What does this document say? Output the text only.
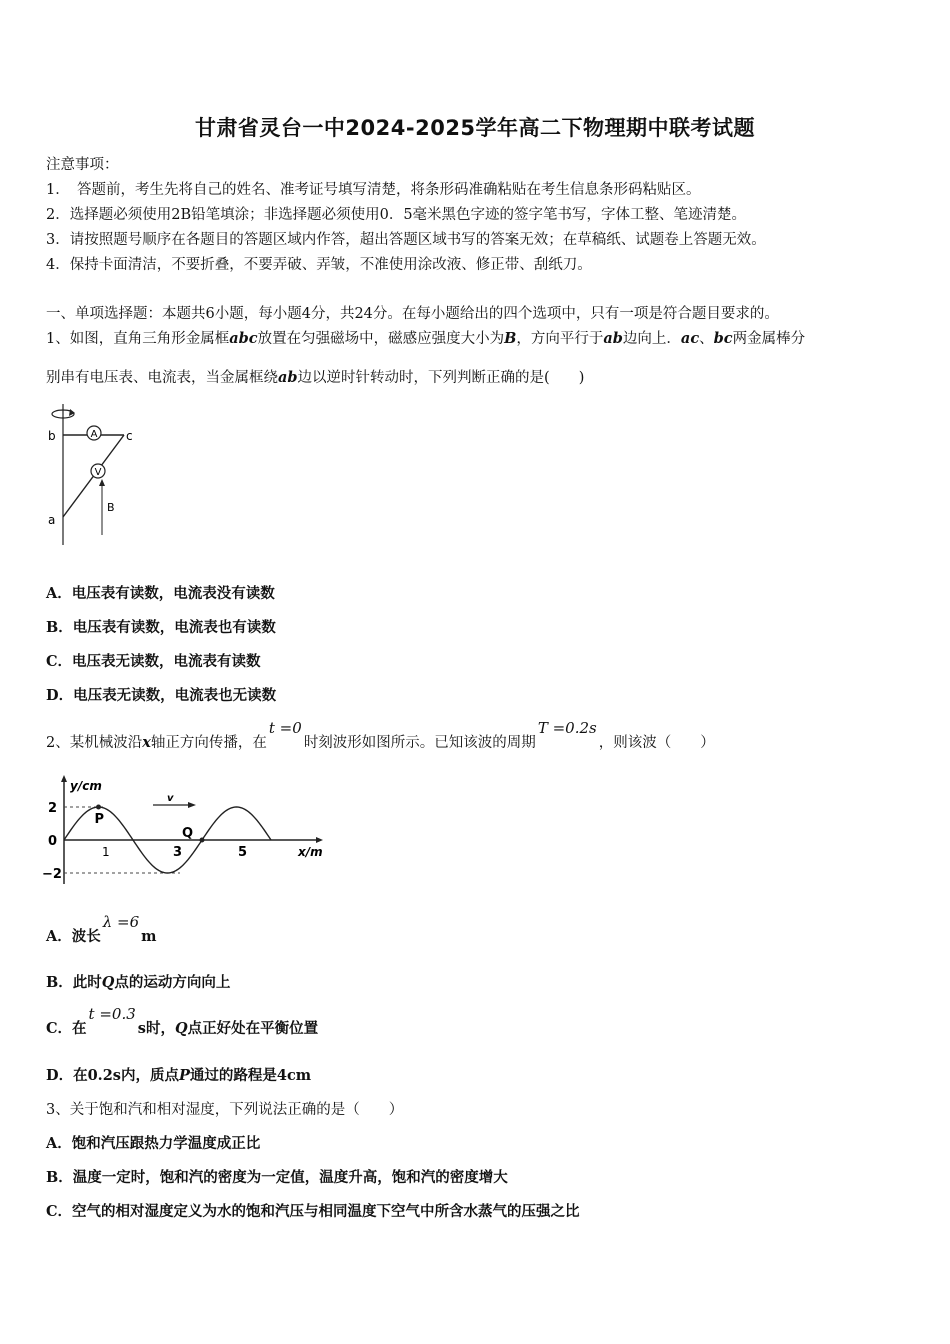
甘肃省灵台一中2024-2025学年高二下物理期中联考试题
注意事项：
1．　答题前，考生先将自己的姓名、准考证号填写清楚，将条形码准确粘贴在考生信息条形码粘贴区。
2．选择题必须使用2B铅笔填涂；非选择题必须使用0．5毫米黑色字迹的签字笔书写，字体工整、笔迹清楚。
3．请按照题号顺序在各题目的答题区域内作答，超出答题区域书写的答案无效；在草稿纸、试题卷上答题无效。
4．保持卡面清洁，不要折叠，不要弄破、弄皱，不准使用涂改液、修正带、刮纸刀。
一、单项选择题：本题共6小题，每小题4分，共24分。在每小题给出的四个选项中，只有一项是符合题目要求的。
1、如图，直角三角形金属框abc放置在匀强磁场中，磁感应强度大小为B，方向平行于ab边向上．ac、bc两金属棒分
别串有电压表、电流表，当金属框绕ab边以逆时针转动时，下列判断正确的是(　　)
A
V
b	c
a
B
A．电压表有读数，电流表没有读数
B．电压表有读数，电流表也有读数
C．电压表无读数，电流表有读数
D．电压表无读数，电流表也无读数
2、某机械波沿x轴正方向传播，在t =0时刻波形如图所示。已知该波的周期T =0.2s，则该波（　　）
y/cm
x/m
2
0
−2
1	3	5
P
Q
v
A．波长λ =6m
B．此时Q点的运动方向向上
C．在t =0.3s时，Q点正好处在平衡位置
D．在0.2s内，质点P通过的路程是4cm
3、关于饱和汽和相对湿度，下列说法正确的是（　　）
A．饱和汽压跟热力学温度成正比
B．温度一定时，饱和汽的密度为一定值，温度升高，饱和汽的密度增大
C．空气的相对湿度定义为水的饱和汽压与相同温度下空气中所含水蒸气的压强之比
